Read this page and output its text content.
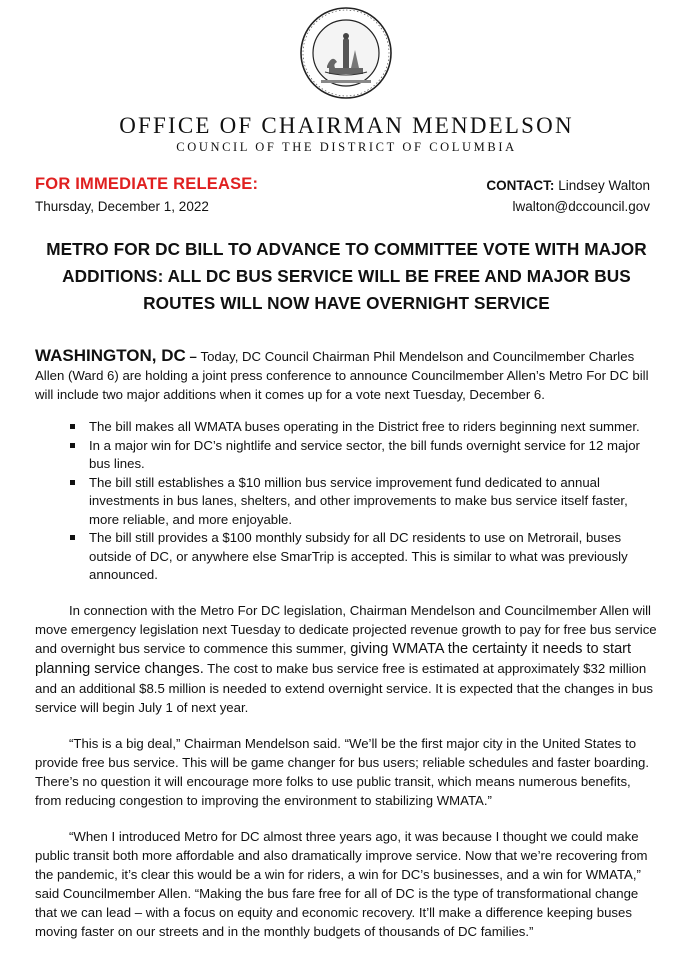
OFFICE OF CHAIRMAN MENDELSON
COUNCIL OF THE DISTRICT OF COLUMBIA
FOR IMMEDIATE RELEASE:
Thursday, December 1, 2022
CONTACT: Lindsey Walton
lwalton@dccouncil.gov
METRO FOR DC BILL TO ADVANCE TO COMMITTEE VOTE WITH MAJOR ADDITIONS: ALL DC BUS SERVICE WILL BE FREE AND MAJOR BUS ROUTES WILL NOW HAVE OVERNIGHT SERVICE

WASHINGTON, DC – Today, DC Council Chairman Phil Mendelson and Councilmember Charles Allen (Ward 6) are holding a joint press conference to announce Councilmember Allen’s Metro For DC bill will include two major additions when it comes up for a vote next Tuesday, December 6.

The bill makes all WMATA buses operating in the District free to riders beginning next summer.
In a major win for DC’s nightlife and service sector, the bill funds overnight service for 12 major bus lines.
The bill still establishes a $10 million bus service improvement fund dedicated to annual investments in bus lanes, shelters, and other improvements to make bus service itself faster, more reliable, and more enjoyable.
The bill still provides a $100 monthly subsidy for all DC residents to use on Metrorail, buses outside of DC, or anywhere else SmarTrip is accepted. This is similar to what was previously announced.

In connection with the Metro For DC legislation, Chairman Mendelson and Councilmember Allen will move emergency legislation next Tuesday to dedicate projected revenue growth to pay for free bus service and overnight bus service to commence this summer, giving WMATA the certainty it needs to start planning service changes. The cost to make bus service free is estimated at approximately $32 million and an additional $8.5 million is needed to extend overnight service. It is expected that the changes in bus service will begin July 1 of next year.

“This is a big deal,” Chairman Mendelson said. “We’ll be the first major city in the United States to provide free bus service. This will be game changer for bus users; reliable schedules and faster boarding. There’s no question it will encourage more folks to use public transit, which means numerous benefits, from reducing congestion to improving the environment to stabilizing WMATA.”

“When I introduced Metro for DC almost three years ago, it was because I thought we could make public transit both more affordable and also dramatically improve service. Now that we’re recovering from the pandemic, it’s clear this would be a win for riders, a win for DC’s businesses, and a win for WMATA,” said Councilmember Allen. “Making the bus fare free for all of DC is the type of transformational change that we can lead – with a focus on equity and economic recovery. It’ll make a difference keeping buses moving faster on our streets and in the monthly budgets of thousands of DC families.”
